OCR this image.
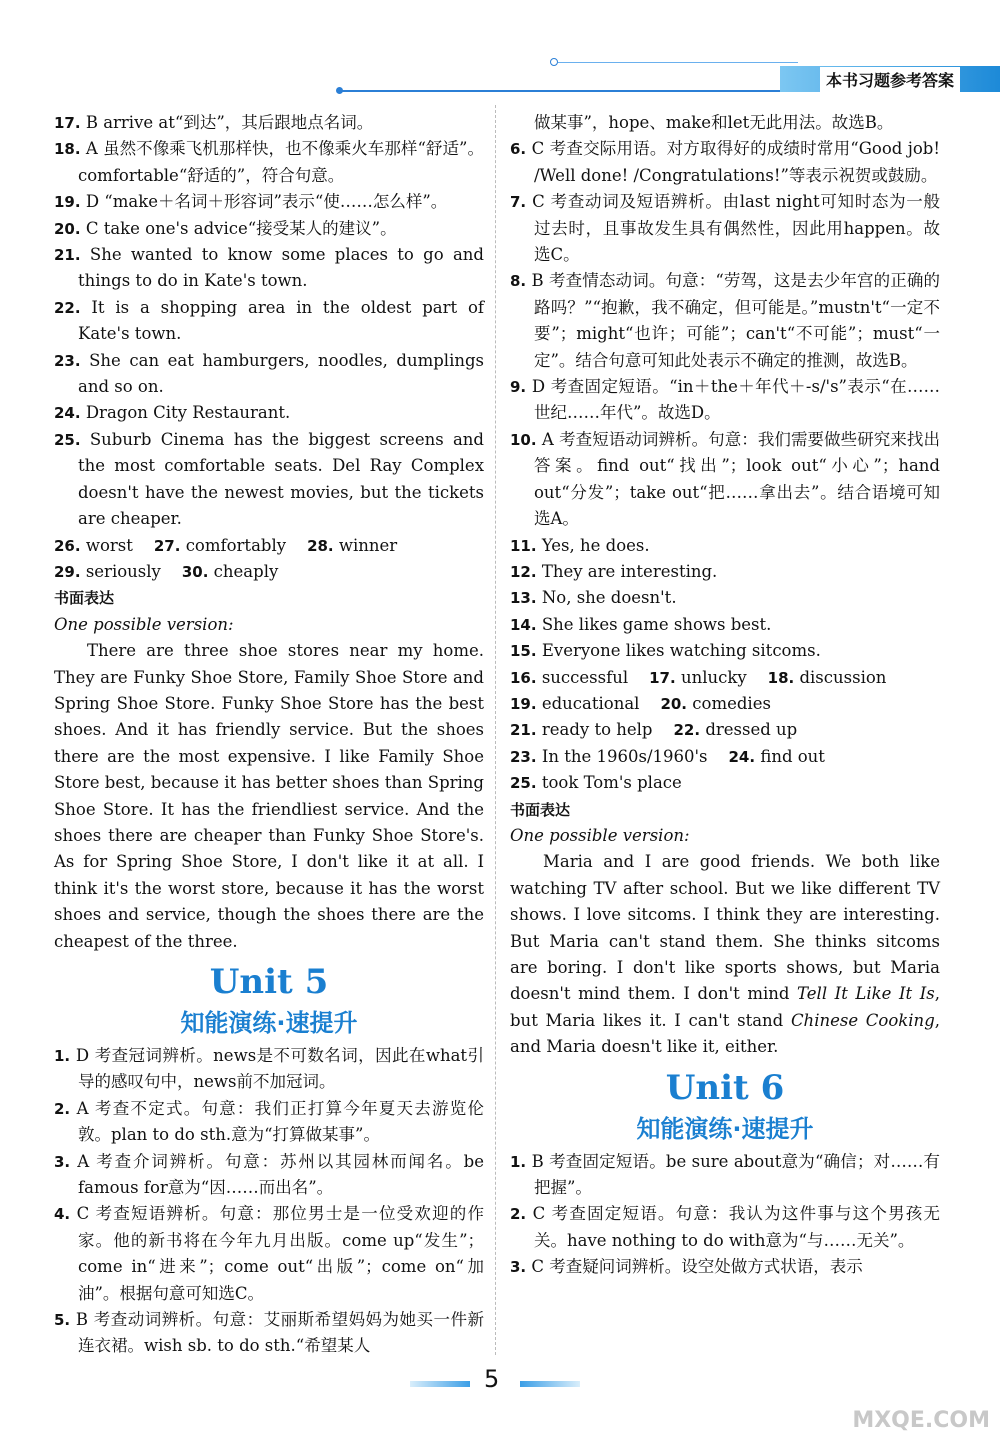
本书习题参考答案

17. B arrive at“到达”，其后跟地点名词。

18. A 虽然不像乘飞机那样快，也不像乘火车那样“舒适”。comfortable“舒适的”，符合句意。

19. D “make＋名词＋形容词”表示“使……怎么样”。

20. C take one's advice“接受某人的建议”。

21. She wanted to know some places to go and things to do in Kate's town.

22. It is a shopping area in the oldest part of Kate's town.

23. She can eat hamburgers, noodles, dumplings and so on.

24. Dragon City Restaurant.

25. Suburb Cinema has the biggest screens and the most comfortable seats. Del Ray Complex doesn't have the newest movies, but the tickets are cheaper.

26. worst 27. comfortably 28. winner

29. seriously 30. cheaply

书面表达

One possible version:

There are three shoe stores near my home. They are Funky Shoe Store, Family Shoe Store and Spring Shoe Store. Funky Shoe Store has the best shoes. And it has friendly service. But the shoes there are the most expensive. I like Family Shoe Store best, because it has better shoes than Spring Shoe Store. It has the friendliest service. And the shoes there are cheaper than Funky Shoe Store's. As for Spring Shoe Store, I don't like it at all. I think it's the worst store, because it has the worst shoes and service, though the shoes there are the cheapest of the three.

Unit 5
知能演练·速提升

1. D 考查冠词辨析。news是不可数名词，因此在what引导的感叹句中，news前不加冠词。

2. A 考查不定式。句意：我们正打算今年夏天去游览伦敦。plan to do sth.意为“打算做某事”。

3. A 考查介词辨析。句意：苏州以其园林而闻名。be famous for意为“因……而出名”。

4. C 考查短语辨析。句意：那位男士是一位受欢迎的作家。他的新书将在今年九月出版。come up“发生”；come in“进来”；come out“出版”；come on“加油”。根据句意可知选C。

5. B 考查动词辨析。句意：艾丽斯希望妈妈为她买一件新连衣裙。wish sb. to do sth.“希望某人

做某事”，hope、make和let无此用法。故选B。

6. C 考查交际用语。对方取得好的成绩时常用“Good job! /Well done! /Congratulations!”等表示祝贺或鼓励。

7. C 考查动词及短语辨析。由last night可知时态为一般过去时，且事故发生具有偶然性，因此用happen。故选C。

8. B 考查情态动词。句意：“劳驾，这是去少年宫的正确的路吗？”“抱歉，我不确定，但可能是。”mustn't“一定不要”；might“也许；可能”；can't“不可能”；must“一定”。结合句意可知此处表示不确定的推测，故选B。

9. D 考查固定短语。“in＋the＋年代＋-s/'s”表示“在……世纪……年代”。故选D。

10. A 考查短语动词辨析。句意：我们需要做些研究来找出答案。find out“找出”；look out“小心”；hand out“分发”；take out“把……拿出去”。结合语境可知选A。

11. Yes, he does.

12. They are interesting.

13. No, she doesn't.

14. She likes game shows best.

15. Everyone likes watching sitcoms.

16. successful 17. unlucky 18. discussion

19. educational 20. comedies

21. ready to help 22. dressed up

23. In the 1960s/1960's 24. find out

25. took Tom's place

书面表达

One possible version:

Maria and I are good friends. We both like watching TV after school. But we like different TV shows. I love sitcoms. I think they are interesting. But Maria can't stand them. She thinks sitcoms are boring. I don't like sports shows, but Maria doesn't mind them. I don't mind Tell It Like It Is, but Maria likes it. I can't stand Chinese Cooking, and Maria doesn't like it, either.

Unit 6
知能演练·速提升

1. B 考查固定短语。be sure about意为“确信；对……有把握”。

2. C 考查固定短语。句意：我认为这件事与这个男孩无关。have nothing to do with意为“与……无关”。

3. C 考查疑问词辨析。设空处做方式状语，表示

5
MXQE.COM
